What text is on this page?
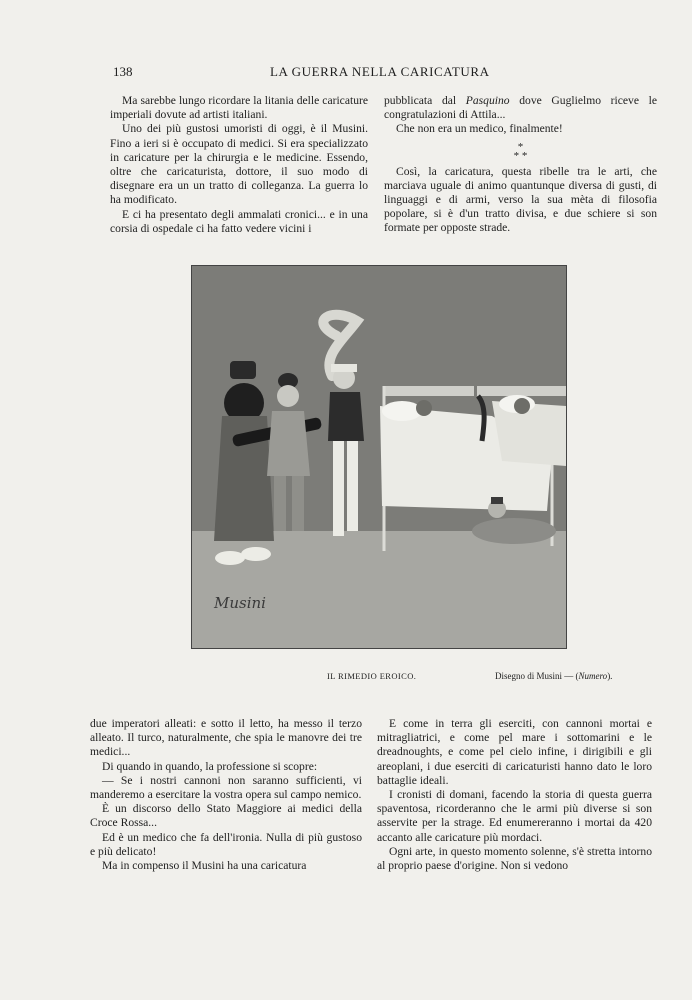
138	LA GUERRA NELLA CARICATURA

Ma sarebbe lungo ricordare la litania delle caricature imperiali dovute ad artisti italiani.

Uno dei più gustosi umoristi di oggi, è il Musini. Fino a ieri si è occupato di medici. Si era specializzato in caricature per la chirurgia e le medicine. Essendo, oltre che caricaturista, dottore, il suo modo di disegnare era un un tratto di colleganza. La guerra lo ha modificato.

E ci ha presentato degli ammalati cronici... e in una corsia di ospedale ci ha fatto vedere vicini i

pubblicata dal Pasquino dove Guglielmo riceve le congratulazioni di Attila...

Che non era un medico, finalmente!

*
* *

Così, la caricatura, questa ribelle tra le arti, che marciava uguale di animo quantunque diversa di gusti, di linguaggi e di armi, verso la sua mèta di filosofia popolare, si è d'un tratto divisa, e due schiere si son formate per opposte strade.

Musini
IL RIMEDIO EROICO.	Disegno di Musini — (Numero).

due imperatori alleati: e sotto il letto, ha messo il terzo alleato. Il turco, naturalmente, che spia le manovre dei tre medici...

Di quando in quando, la professione si scopre:

— Se i nostri cannoni non saranno sufficienti, vi manderemo a esercitare la vostra opera sul campo nemico.

È un discorso dello Stato Maggiore ai medici della Croce Rossa...

Ed è un medico che fa dell'ironia. Nulla di più gustoso e più delicato!

Ma in compenso il Musini ha una caricatura

E come in terra gli eserciti, con cannoni mortai e mitragliatrici, e come pel mare i sottomarini e le dreadnoughts, e come pel cielo infine, i dirigibili e gli areoplani, i due eserciti di caricaturisti hanno dato le loro battaglie ideali.

I cronisti di domani, facendo la storia di questa guerra spaventosa, ricorderanno che le armi più diverse si son asservite per la strage. Ed enumereranno i mortai da 420 accanto alle caricature più mordaci.

Ogni arte, in questo momento solenne, s'è stretta intorno al proprio paese d'origine. Non si vedono
